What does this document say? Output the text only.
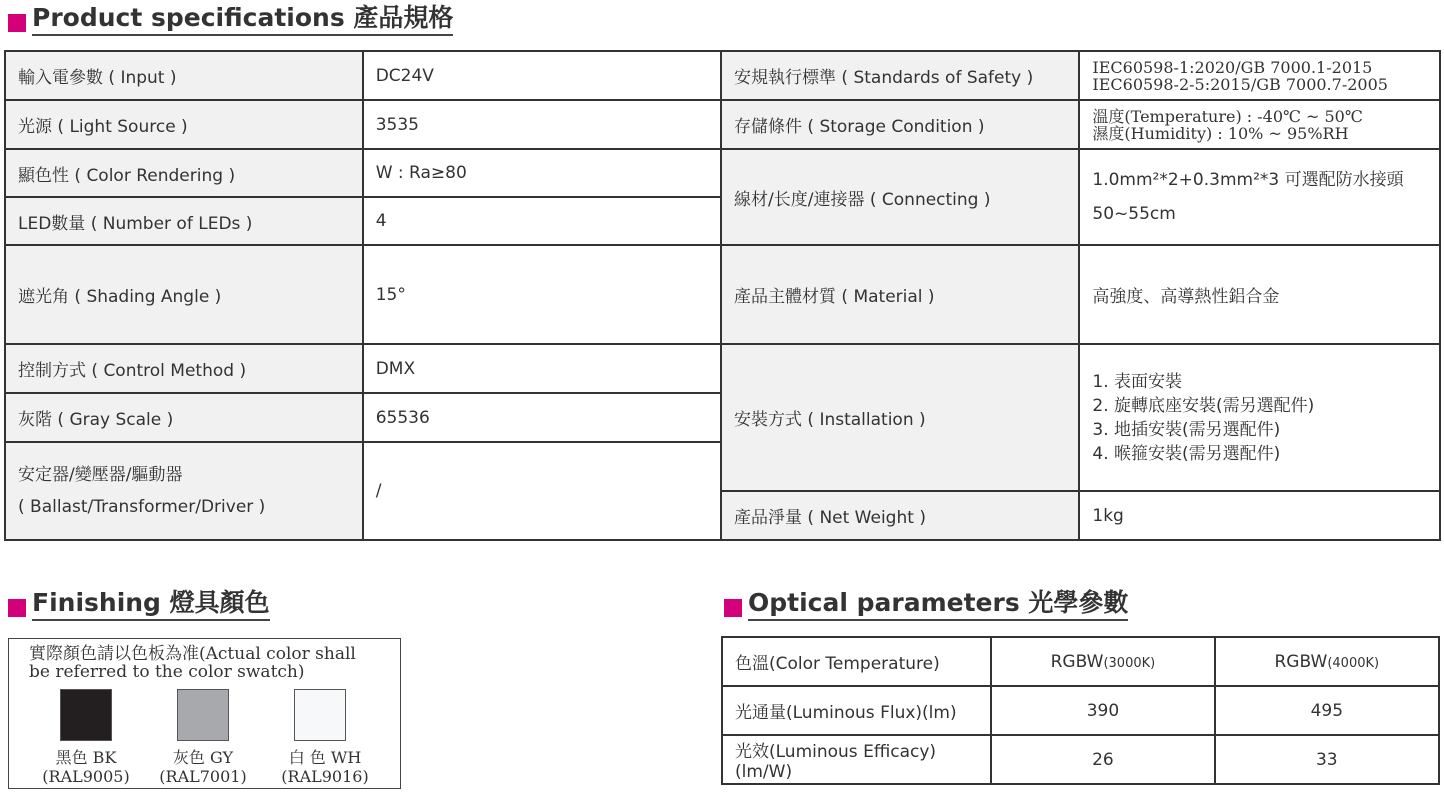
Product specifications 產品規格
輸入電參數 ( Input )	DC24V	安規執行標準 ( Standards of Safety )	IEC60598-1:2020/GB 7000.1-2015
IEC60598-2-5:2015/GB 7000.7-2005

光源 ( Light Source )	3535	存儲條件 ( Storage Condition )	溫度(Temperature) : -40℃ ~ 50℃
濕度(Humidity) : 10% ~ 95%RH

顯色性 ( Color Rendering )	W : Ra≥80	線材/长度/連接器 ( Connecting )	1.0mm²*2+0.3mm²*3 可選配防水接頭
50~55cm

LED數量 ( Number of LEDs )	4		
遮光角 ( Shading Angle )	15°	產品主體材質 ( Material )	高強度、高導熱性鋁合金
控制方式 ( Control Method )	DMX	安裝方式 ( Installation )	1. 表面安裝
2. 旋轉底座安裝(需另選配件)
3. 地插安裝(需另選配件)
4. 喉箍安裝(需另選配件)

灰階 ( Gray Scale )	65536		

安定器/變壓器/驅動器
( Ballast/Transformer/Driver )	/		
		產品淨量 ( Net Weight )	1kg
Finishing 燈具顏色
實際顏色請以色板為准(Actual color shall
be referred to the color swatch)
黑色 BK
(RAL9005)
灰色 GY
(RAL7001)
白 色 WH
(RAL9016)
Optical parameters 光學參數
色溫(Color Temperature)	RGBW(3000K)	RGBW(4000K)
光通量(Luminous Flux)(lm)	390	495
光效(Luminous Efficacy)(lm/W)	26	33
